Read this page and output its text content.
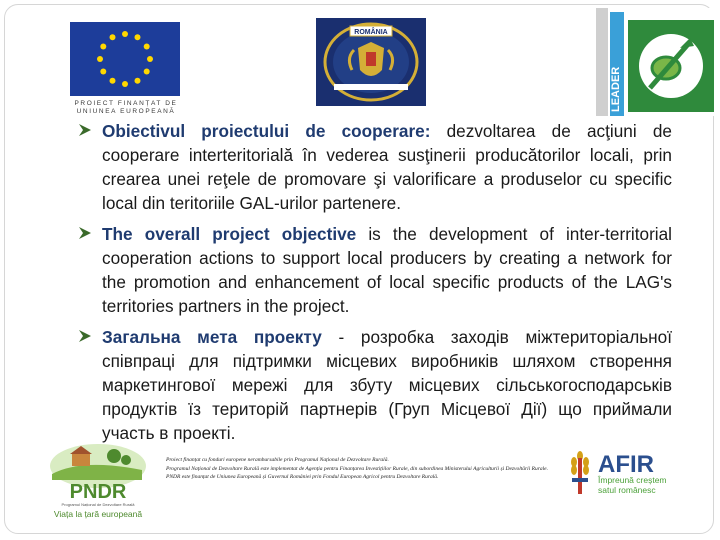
PROIECT FINANȚAT DE
UNIUNEA EUROPEANĂ
ROMÂNIA
LEADER
Obiectivul proiectului de cooperare: dezvoltarea de acţiuni de cooperare interteritorială în vederea susţinerii producătorilor locali, prin crearea unei reţele de promovare şi valorificare a produselor cu specific local din teritoriile GAL-urilor partenere.
The overall project objective is the development of inter-territorial cooperation actions to support local producers by creating a network for the promotion and enhancement of local specific products of the LAG's territories partners in the project.
Загальна мета проекту - розробка заходів міжтериторіальної співпраці для підтримки місцевих виробників шляхом створення маркетингової мережі для збуту місцевих сільськогосподарськів продуктів їз територій партнерів (Груп Місцевої Дії) що приймали участь в проекті.
PNDR
Programul Național de Dezvoltare Rurală
Viața la țară europeană

Proiect finanțat cu fonduri europene nerambursabile prin Programul Național de Dezvoltare Rurală.

Programul Național de Dezvoltare Rurală este implementat de Agenția pentru Finanțarea Investițiilor Rurale, din subordinea Ministerului Agriculturii și Dezvoltării Rurale.

PNDR este finanțat de Uniunea Europeană și Guvernul României prin Fondul European Agricol pentru Dezvoltare Rurală.	AFIR
Împreună creștem
satul românesc
